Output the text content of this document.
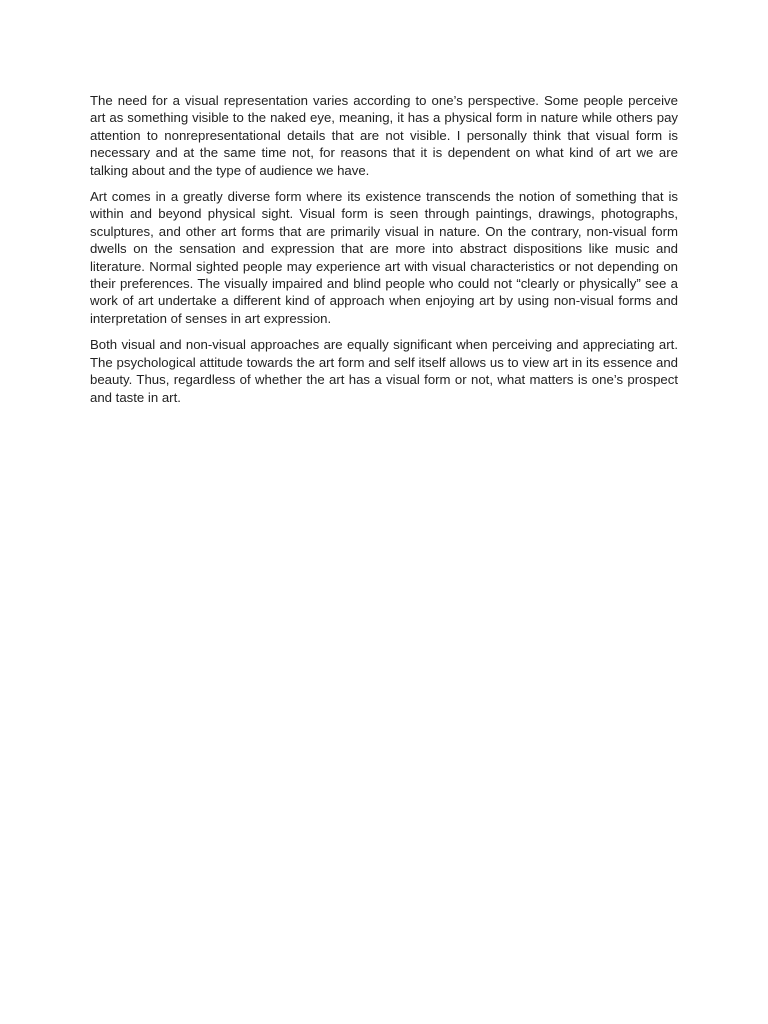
The need for a visual representation varies according to one’s perspective. Some people perceive art as something visible to the naked eye, meaning, it has a physical form in nature while others pay attention to nonrepresentational details that are not visible. I personally think that visual form is necessary and at the same time not, for reasons that it is dependent on what kind of art we are talking about and the type of audience we have.

Art comes in a greatly diverse form where its existence transcends the notion of something that is within and beyond physical sight. Visual form is seen through paintings, drawings, photographs, sculptures, and other art forms that are primarily visual in nature. On the contrary, non-visual form dwells on the sensation and expression that are more into abstract dispositions like music and literature. Normal sighted people may experience art with visual characteristics or not depending on their preferences. The visually impaired and blind people who could not “clearly or physically” see a work of art undertake a different kind of approach when enjoying art by using non-visual forms and interpretation of senses in art expression.

Both visual and non-visual approaches are equally significant when perceiving and appreciating art. The psychological attitude towards the art form and self itself allows us to view art in its essence and beauty. Thus, regardless of whether the art has a visual form or not, what matters is one’s prospect and taste in art.
